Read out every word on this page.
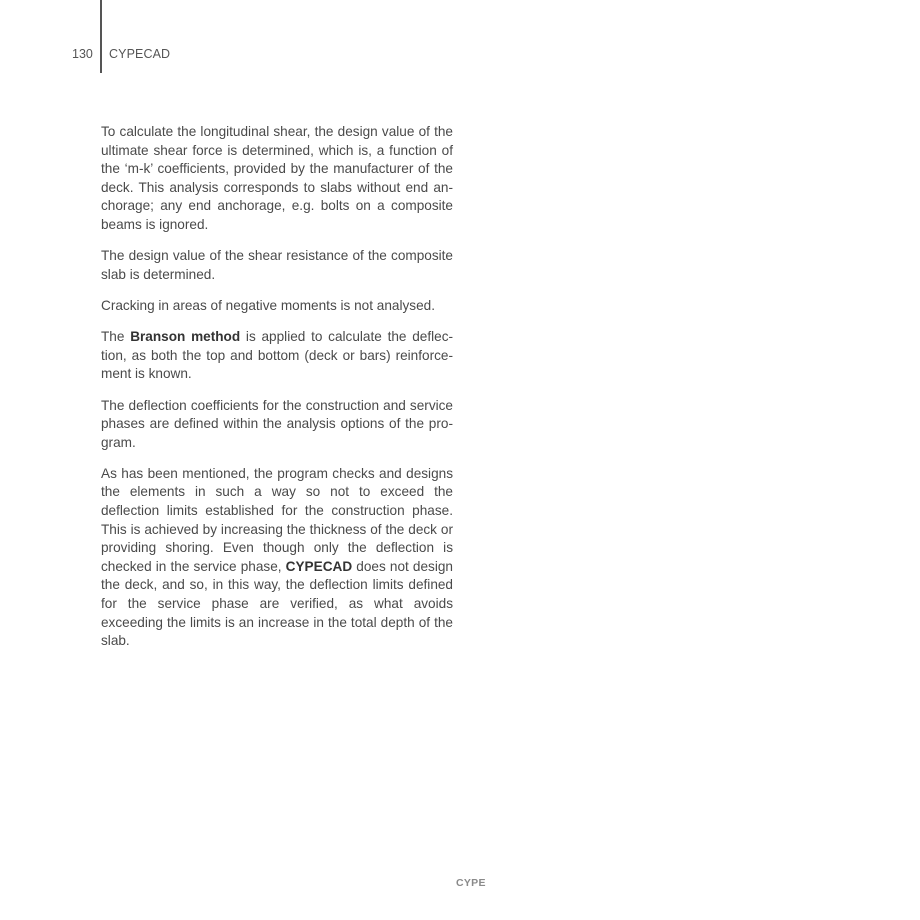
130 CYPECAD

To calculate the longitudinal shear, the design value of the ultimate shear force is determined, which is, a function of the ‘m-k’ coefficients, provided by the manufacturer of the deck. This analysis corresponds to slabs without end anchorage; any end anchorage, e.g. bolts on a composite beams is ignored.

The design value of the shear resistance of the composite slab is determined.

Cracking in areas of negative moments is not analysed.

The Branson method is applied to calculate the deflection, as both the top and bottom (deck or bars) reinforcement is known.

The deflection coefficients for the construction and service phases are defined within the analysis options of the program.

As has been mentioned, the program checks and designs the elements in such a way so not to exceed the deflection limits established for the construction phase. This is achieved by increasing the thickness of the deck or providing shoring. Even though only the deflection is checked in the service phase, CYPECAD does not design the deck, and so, in this way, the deflection limits defined for the service phase are verified, as what avoids exceeding the limits is an increase in the total depth of the slab.

CYPE
